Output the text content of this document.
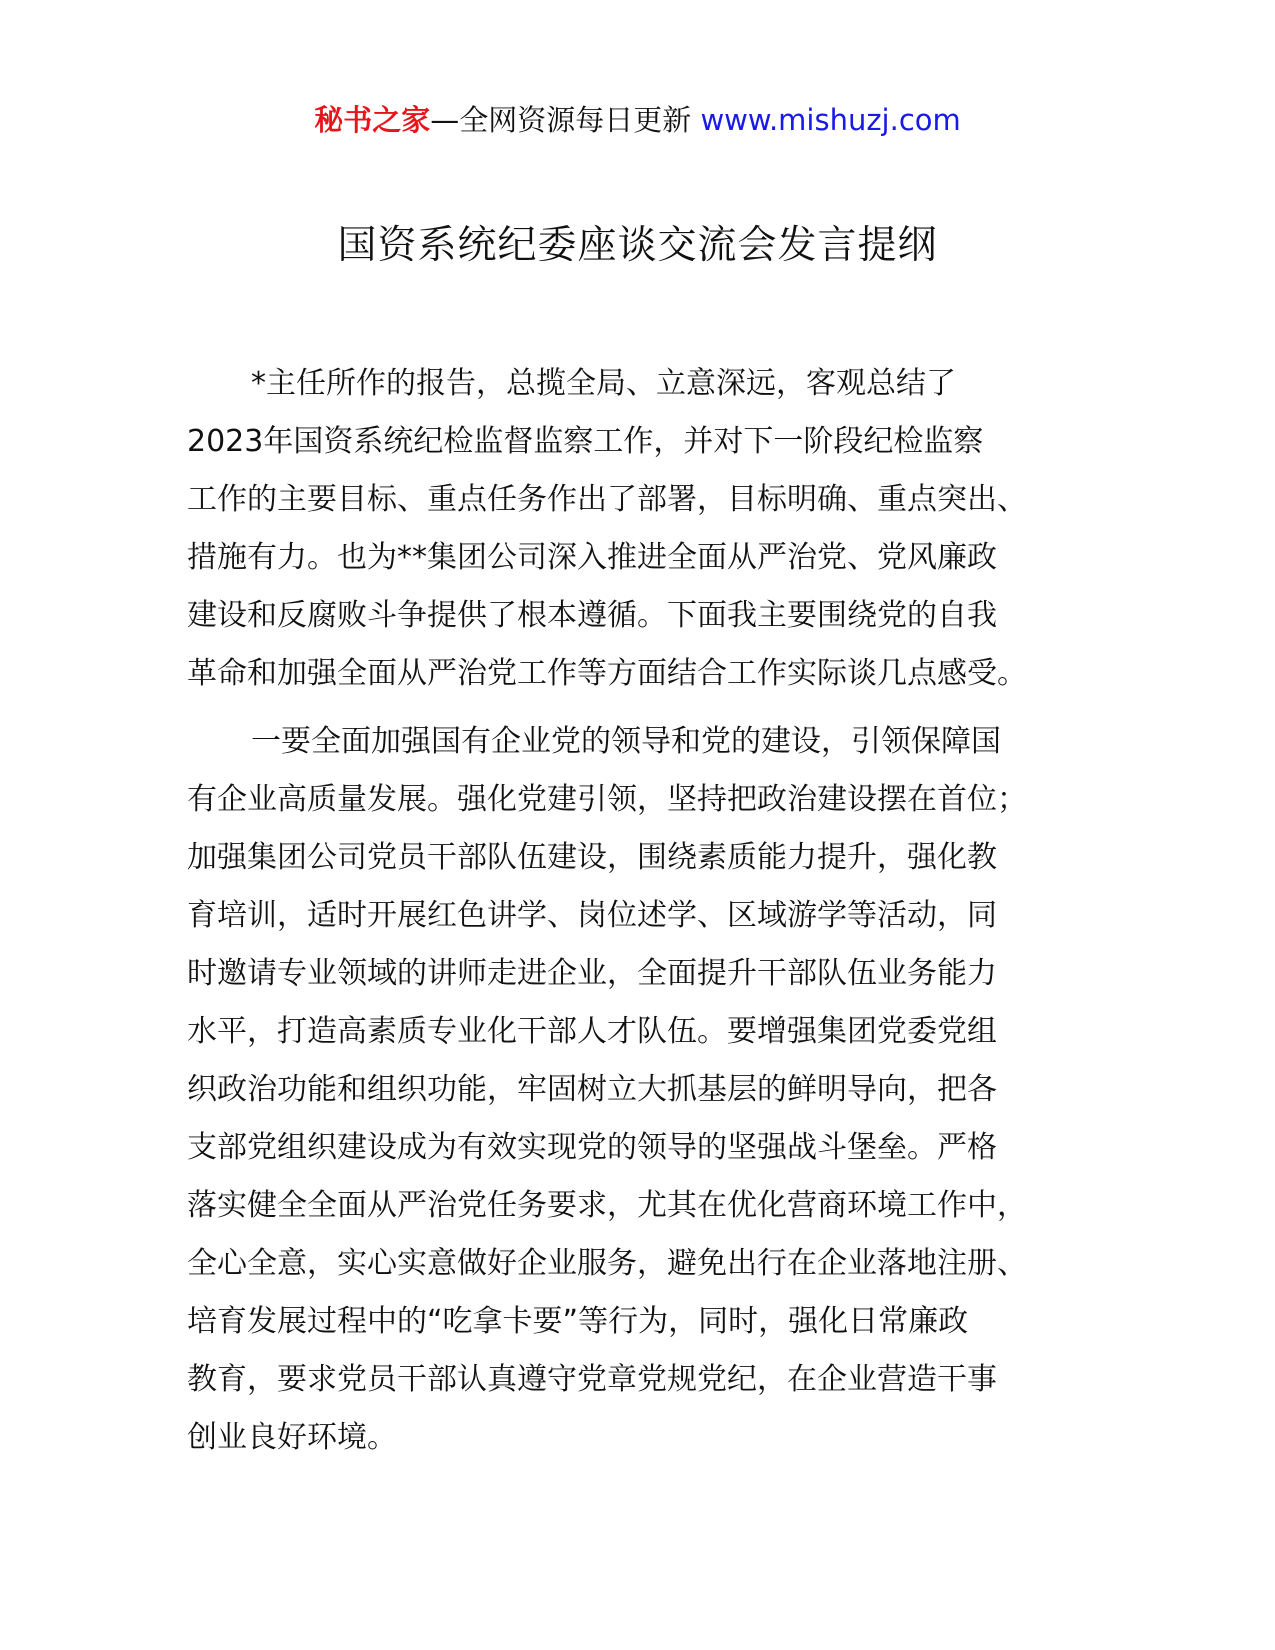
秘书之家—全网资源每日更新 www.mishuzj.com
国资系统纪委座谈交流会发言提纲

*主任所作的报告，总揽全局、立意深远，客观总结了
2023年国资系统纪检监督监察工作，并对下一阶段纪检监察
工作的主要目标、重点任务作出了部署，目标明确、重点突出、
措施有力。也为**集团公司深入推进全面从严治党、党风廉政
建设和反腐败斗争提供了根本遵循。下面我主要围绕党的自我
革命和加强全面从严治党工作等方面结合工作实际谈几点感受。

一要全面加强国有企业党的领导和党的建设，引领保障国
有企业高质量发展。强化党建引领，坚持把政治建设摆在首位；
加强集团公司党员干部队伍建设，围绕素质能力提升，强化教
育培训，适时开展红色讲学、岗位述学、区域游学等活动，同
时邀请专业领域的讲师走进企业，全面提升干部队伍业务能力
水平，打造高素质专业化干部人才队伍。要增强集团党委党组
织政治功能和组织功能，牢固树立大抓基层的鲜明导向，把各
支部党组织建设成为有效实现党的领导的坚强战斗堡垒。严格
落实健全全面从严治党任务要求，尤其在优化营商环境工作中，
全心全意，实心实意做好企业服务，避免出行在企业落地注册、
培育发展过程中的“吃拿卡要”等行为，同时，强化日常廉政
教育，要求党员干部认真遵守党章党规党纪，在企业营造干事
创业良好环境。
